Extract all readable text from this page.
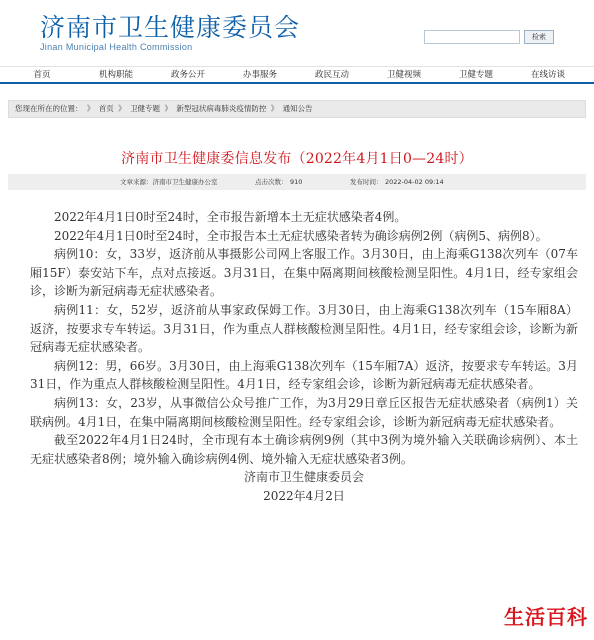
济南市卫生健康委员会
Jinan Municipal Health Commission
检索
首页	机构职能	政务公开	办事服务	政民互动	卫健视频	卫健专题	在线访谈
您现在所在的位置： 》 首页 》 卫健专题 》 新型冠状病毒肺炎疫情防控 》 通知公告
济南市卫生健康委信息发布（2022年4月1日0—24时）
文章来源：济南市卫生健康办公室	点击次数： 910	发布时间： 2022-04-02 09:14

2022年4月1日0时至24时，全市报告新增本土无症状感染者4例。

2022年4月1日0时至24时，全市报告本土无症状感染者转为确诊病例2例（病例5、病例8）。

病例10：女，33岁，返济前从事摄影公司网上客服工作。3月30日，由上海乘G138次列车（07车厢15F）泰安站下车，点对点接返。3月31日，在集中隔离期间核酸检测呈阳性。4月1日，经专家组会诊，诊断为新冠病毒无症状感染者。

病例11：女，52岁，返济前从事家政保姆工作。3月30日，由上海乘G138次列车（15车厢8A）返济，按要求专车转运。3月31日，作为重点人群核酸检测呈阳性。4月1日，经专家组会诊，诊断为新冠病毒无症状感染者。

病例12：男，66岁。3月30日，由上海乘G138次列车（15车厢7A）返济，按要求专车转运。3月31日，作为重点人群核酸检测呈阳性。4月1日，经专家组会诊，诊断为新冠病毒无症状感染者。

病例13：女，23岁，从事微信公众号推广工作，为3月29日章丘区报告无症状感染者（病例1）关联病例。4月1日，在集中隔离期间核酸检测呈阳性。经专家组会诊，诊断为新冠病毒无症状感染者。

截至2022年4月1日24时，全市现有本土确诊病例9例（其中3例为境外输入关联确诊病例）、本土无症状感染者8例；境外输入确诊病例4例、境外输入无症状感染者3例。

济南市卫生健康委员会

2022年4月2日

生活百科
